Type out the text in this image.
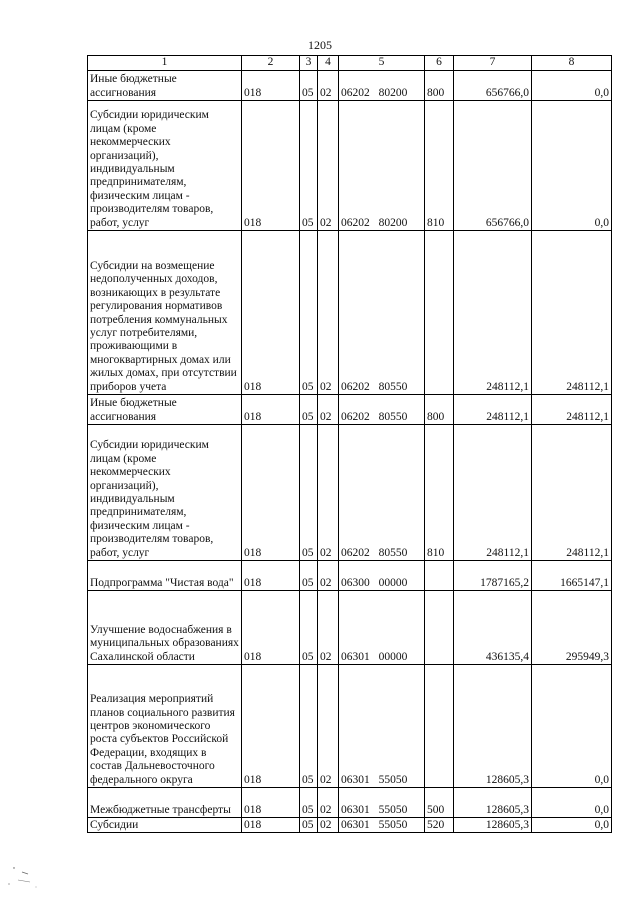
1205
1	2	3	4	5	6	7	8
Иные бюджетные ассигнования	018	05	02	06202 80200	800	656766,0	0,0
Субсидии юридическим лицам (кроме некоммерческих организаций), индивидуальным предпринимателям, физическим лицам - производителям товаров, работ, услуг	018	05	02	06202 80200	810	656766,0	0,0
Субсидии на возмещение недополученных доходов, возникающих в результате регулирования нормативов потребления коммунальных услуг потребителями, проживающими в многоквартирных домах или жилых домах, при отсутствии приборов учета	018	05	02	06202 80550		248112,1	248112,1
Иные бюджетные ассигнования	018	05	02	06202 80550	800	248112,1	248112,1
Субсидии юридическим лицам (кроме некоммерческих организаций), индивидуальным предпринимателям, физическим лицам - производителям товаров, работ, услуг	018	05	02	06202 80550	810	248112,1	248112,1
Подпрограмма "Чистая вода"	018	05	02	06300 00000		1787165,2	1665147,1
Улучшение водоснабжения в муниципальных образованиях Сахалинской области	018	05	02	06301 00000		436135,4	295949,3
Реализация мероприятий планов социального развития центров экономического роста субъектов Российской Федерации, входящих в состав Дальневосточного федерального округа	018	05	02	06301 55050		128605,3	0,0
Межбюджетные трансферты	018	05	02	06301 55050	500	128605,3	0,0
Субсидии	018	05	02	06301 55050	520	128605,3	0,0
